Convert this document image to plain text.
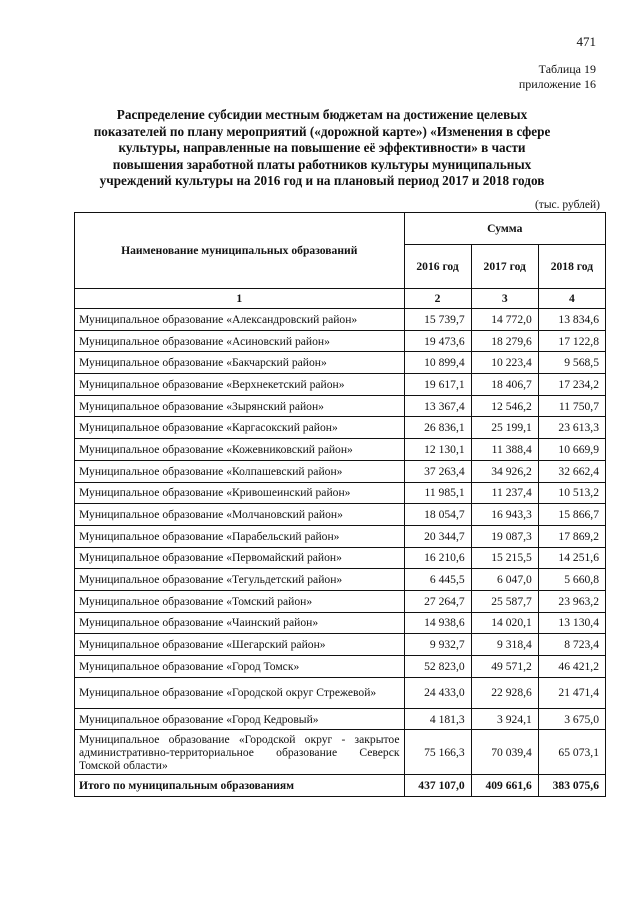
471
Таблица 19
приложение 16
Распределение субсидии местным бюджетам на достижение целевых показателей по плану мероприятий («дорожной карте») «Изменения в сфере культуры, направленные на повышение её эффективности» в части повышения заработной платы работников культуры муниципальных учреждений культуры на 2016 год и на плановый период 2017 и 2018 годов
(тыс. рублей)
Наименование муниципальных образований	Сумма		
	2016 год	2017 год	2018 год
1	2	3	4
Муниципальное образование «Александровский район»	15 739,7	14 772,0	13 834,6
Муниципальное образование «Асиновский район»	19 473,6	18 279,6	17 122,8
Муниципальное образование «Бакчарский район»	10 899,4	10 223,4	9 568,5
Муниципальное образование «Верхнекетский район»	19 617,1	18 406,7	17 234,2
Муниципальное образование «Зырянский район»	13 367,4	12 546,2	11 750,7
Муниципальное образование «Каргасокский район»	26 836,1	25 199,1	23 613,3
Муниципальное образование «Кожевниковский район»	12 130,1	11 388,4	10 669,9
Муниципальное образование «Колпашевский район»	37 263,4	34 926,2	32 662,4
Муниципальное образование «Кривошеинский район»	11 985,1	11 237,4	10 513,2
Муниципальное образование «Молчановский район»	18 054,7	16 943,3	15 866,7
Муниципальное образование «Парабельский район»	20 344,7	19 087,3	17 869,2
Муниципальное образование «Первомайский район»	16 210,6	15 215,5	14 251,6
Муниципальное образование «Тегульдетский район»	6 445,5	6 047,0	5 660,8
Муниципальное образование «Томский район»	27 264,7	25 587,7	23 963,2
Муниципальное образование «Чаинский район»	14 938,6	14 020,1	13 130,4
Муниципальное образование «Шегарский район»	9 932,7	9 318,4	8 723,4
Муниципальное образование «Город Томск»	52 823,0	49 571,2	46 421,2
Муниципальное образование «Городской округ Стрежевой»	24 433,0	22 928,6	21 471,4
Муниципальное образование «Город Кедровый»	4 181,3	3 924,1	3 675,0
Муниципальное образование «Городской округ - закрытое административно-территориальное образование Северск Томской области»	75 166,3	70 039,4	65 073,1
Итого по муниципальным образованиям	437 107,0	409 661,6	383 075,6
